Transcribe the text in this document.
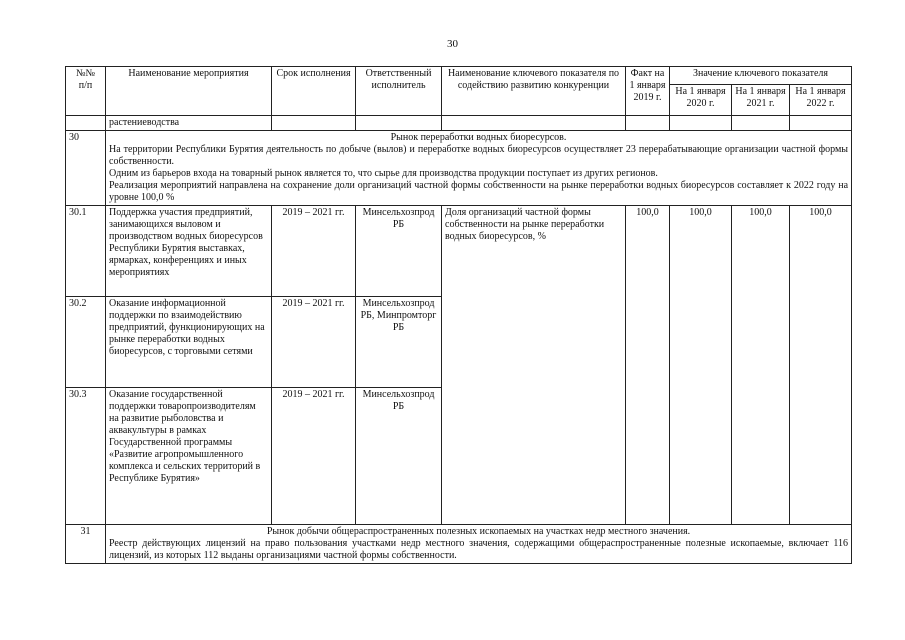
30
№№
п/п	Наименование мероприятия	Срок исполнения	Ответственный исполнитель	Наименование ключевого показателя по содействию развитию конкуренции	Факт на 1 января 2019 г.	Значение ключевого показателя		
						На 1 января 2020 г.	На 1 января 2021 г.	На 1 января 2022 г.
	растениеводства							
30	Рынок переработки водных биоресурсов.
На территории Республики Бурятия деятельность по добыче (вылов) и переработке водных биоресурсов осуществляет 23 перерабатывающие организации частной формы собственности.
Одним из барьеров входа на товарный рынок является то, что сырье для производства продукции поступает из других регионов.
Реализация мероприятий направлена на сохранение доли организаций частной формы собственности на рынке переработки водных биоресурсов составляет к 2022 году на уровне 100,0 %							

30.1	Поддержка участия предприятий, занимающихся выловом и производством водных биоресурсов Республики Бурятия выставках, ярмарках, конференциях и иных мероприятиях	2019 – 2021 гг.	Минсельхозпрод РБ	Доля организаций частной формы собственности на рынке переработки водных биоресурсов, %	100,0	100,0	100,0	100,0
30.2	Оказание информационной поддержки по взаимодействию предприятий, функционирующих на рынке переработки водных биоресурсов, с торговыми сетями	2019 – 2021 гг.	Минсельхозпрод РБ, Минпромторг РБ					
30.3	Оказание государственной поддержки товаропроизводителям на развитие рыболовства и аквакультуры в рамках Государственной программы «Развитие агропромышленного комплекса и сельских территорий в Республике Бурятия»	2019 – 2021 гг.	Минсельхозпрод РБ					
31	Рынок добычи общераспространенных полезных ископаемых на участках недр местного значения.
Реестр действующих лицензий на право пользования участками недр местного значения, содержащими общераспространенные полезные ископаемые, включает 116 лицензий, из которых 112 выданы организациями частной формы собственности.							
